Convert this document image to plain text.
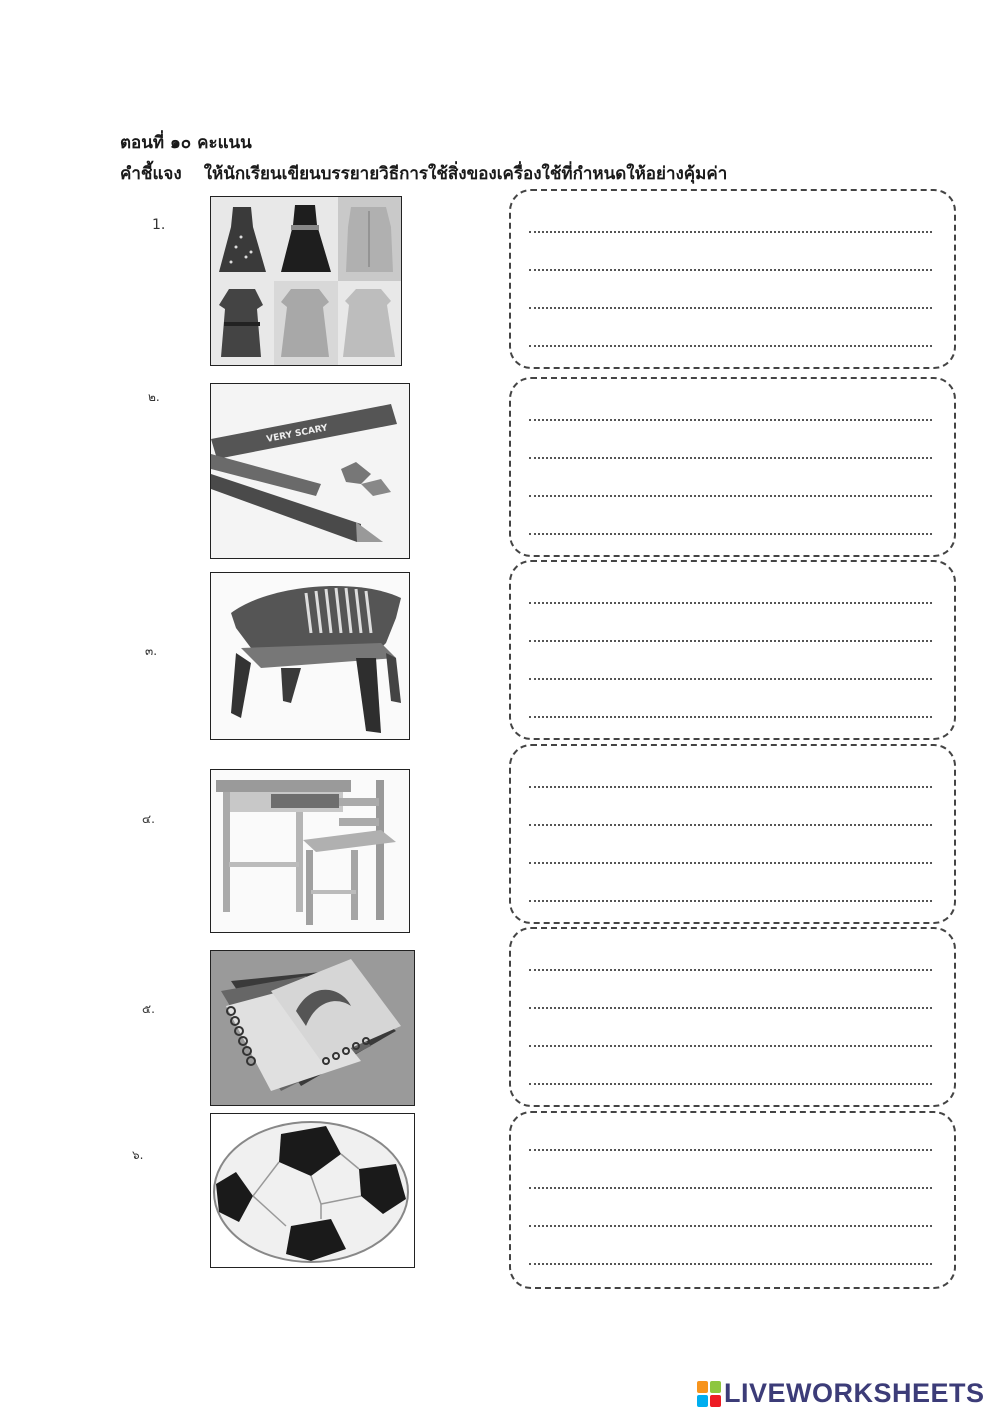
ตอนที่ ๑๐ คะแนน
คำชี้แจง ให้นักเรียนเขียนบรรยายวิธีการใช้สิ่งของเครื่องใช้ที่กำหนดให้อย่างคุ้มค่า
1.
๒.
VERY SCARY
๓.
๔.
๕.
๖.
LIVEWORKSHEETS
